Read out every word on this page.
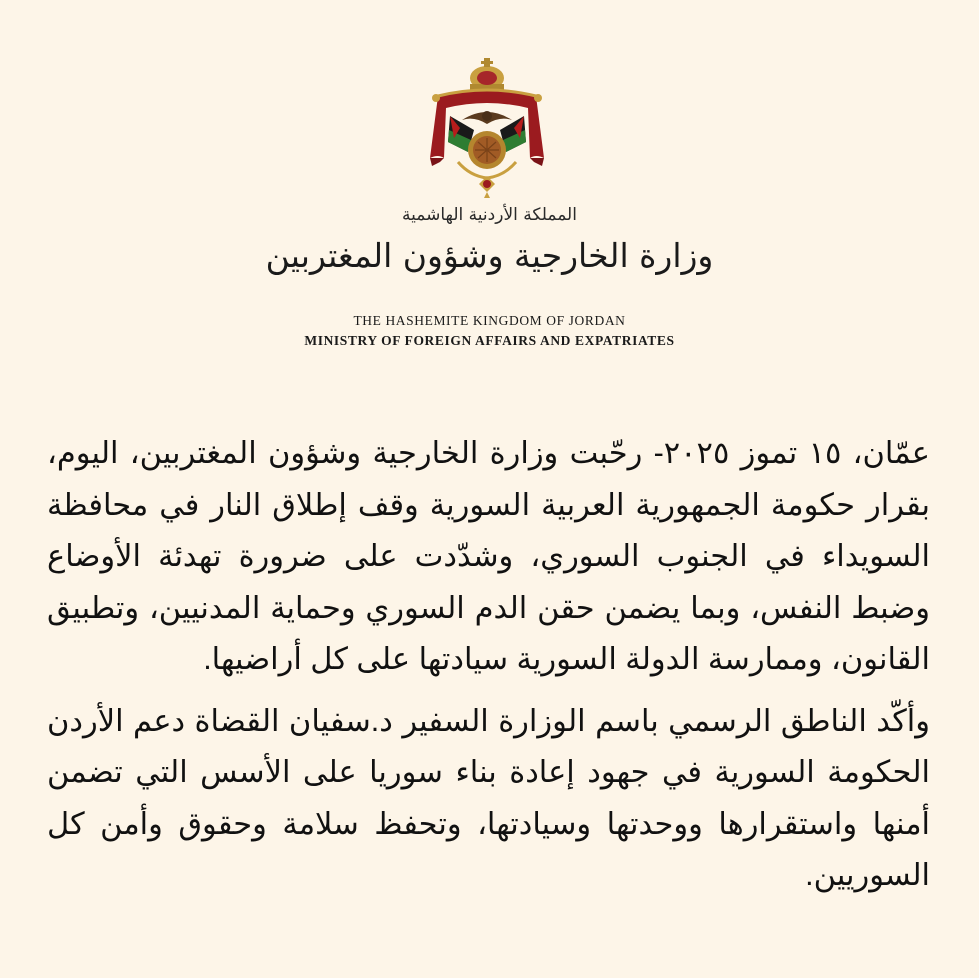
المملكة الأردنية الهاشمية
وزارة الخارجية وشؤون المغتربين
THE HASHEMITE KINGDOM OF JORDAN
MINISTRY OF FOREIGN AFFAIRS AND EXPATRIATES

عمّان، ١٥ تموز ٢٠٢٥- رحّبت وزارة الخارجية وشؤون المغتربين، اليوم، بقرار حكومة الجمهورية العربية السورية وقف إطلاق النار في محافظة السويداء في الجنوب السوري، وشدّدت على ضرورة تهدئة الأوضاع وضبط النفس، وبما يضمن حقن الدم السوري وحماية المدنيين، وتطبيق القانون، وممارسة الدولة السورية سيادتها على كل أراضيها.

وأكّد الناطق الرسمي باسم الوزارة السفير د.سفيان القضاة دعم الأردن الحكومة السورية في جهود إعادة بناء سوريا على الأسس التي تضمن أمنها واستقرارها ووحدتها وسيادتها، وتحفظ سلامة وحقوق وأمن كل السوريين.
